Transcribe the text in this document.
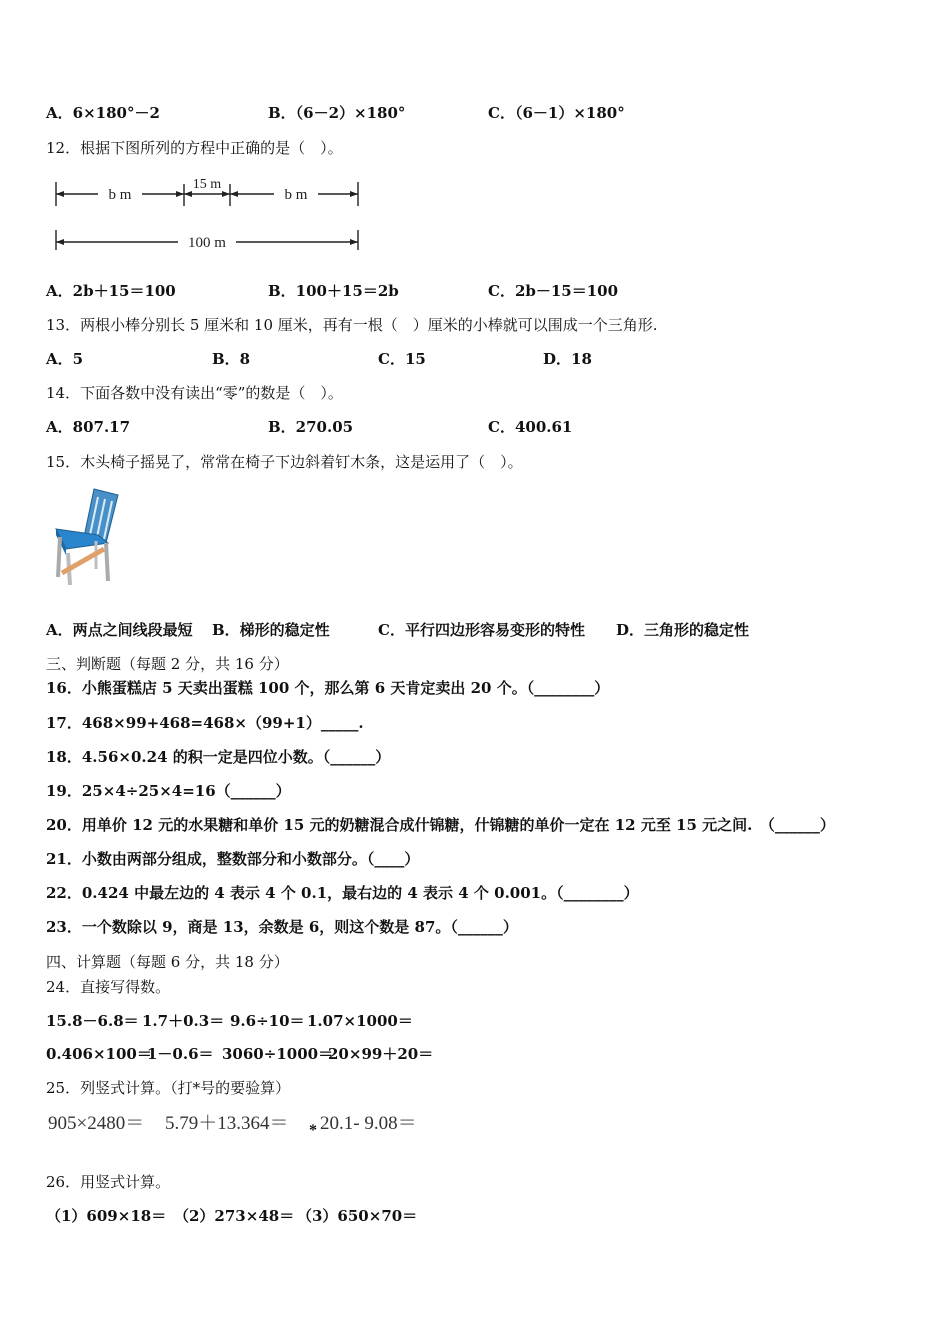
A．6×180°－2	B．（6－2）×180°	C．（6－1）×180°
12．根据下图所列的方程中正确的是（　）。
b m
15 m
b m
100 m
A．2b＋15＝100	B．100＋15＝2b	C．2b－15＝100
13．两根小棒分别长 5 厘米和 10 厘米，再有一根（　）厘米的小棒就可以围成一个三角形.
A．5	B．8	C．15	D．18
14．下面各数中没有读出“零”的数是（　）。
A．807.17	B．270.05	C．400.61
15．木头椅子摇晃了，常常在椅子下边斜着钉木条，这是运用了（　）。
A．两点之间线段最短 B．梯形的稳定性	C．平行四边形容易变形的特性 D．三角形的稳定性
三、判断题（每题 2 分，共 16 分）
16．小熊蛋糕店 5 天卖出蛋糕 100 个，那么第 6 天肯定卖出 20 个。（________）
17．468×99+468=468×（99+1）_____.
18．4.56×0.24 的积一定是四位小数。（______）
19．25×4÷25×4=16（______）
20．用单价 12 元的水果糖和单价 15 元的奶糖混合成什锦糖，什锦糖的单价一定在 12 元至 15 元之间.　（______）
21．小数由两部分组成，整数部分和小数部分。（____）
22．0.424 中最左边的 4 表示 4 个 0.1，最右边的 4 表示 4 个 0.001。（________）
23．一个数除以 9，商是 13，余数是 6，则这个数是 87。（______）
四、计算题（每题 6 分，共 18 分）
24．直接写得数。
15.8－6.8＝ 1.7＋0.3＝ 9.6÷10＝ 1.07×1000＝
0.406×100＝
1－0.6＝ 3060÷1000＝
20×99＋20＝
25．列竖式计算。（打*号的要验算）
905×2480＝ 5.79＋13.364＝ 20.1- 9.08＝
*
26．用竖式计算。
（1）609×18＝ （2）273×48＝ （3）650×70＝
